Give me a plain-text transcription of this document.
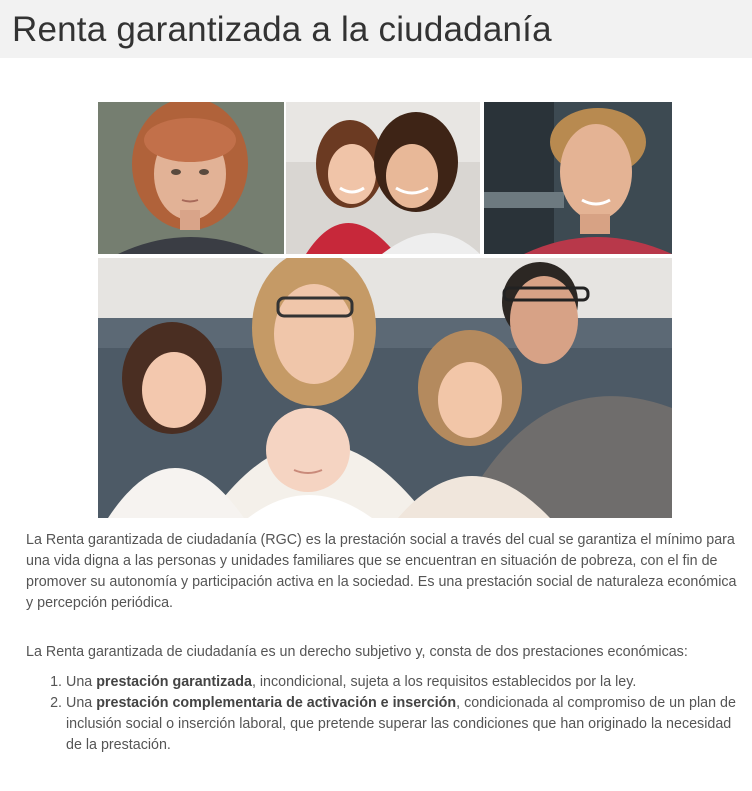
Renta garantizada a la ciudadanía

La Renta garantizada de ciudadanía (RGC) es la prestación social a través del cual se garantiza el mínimo para una vida digna a las personas y unidades familiares que se encuentran en situación de pobreza, con el fin de promover su autonomía y participación activa en la sociedad. Es una prestación social de naturaleza económica y percepción periódica.

La Renta garantizada de ciudadanía es un derecho subjetivo y, consta de dos prestaciones económicas:

1. Una prestación garantizada, incondicional, sujeta a los requisitos establecidos por la ley.
2. Una prestación complementaria de activación e inserción, condicionada al compromiso de un plan de inclusión social o inserción laboral, que pretende superar las condiciones que han originado la necesidad de la prestación.
